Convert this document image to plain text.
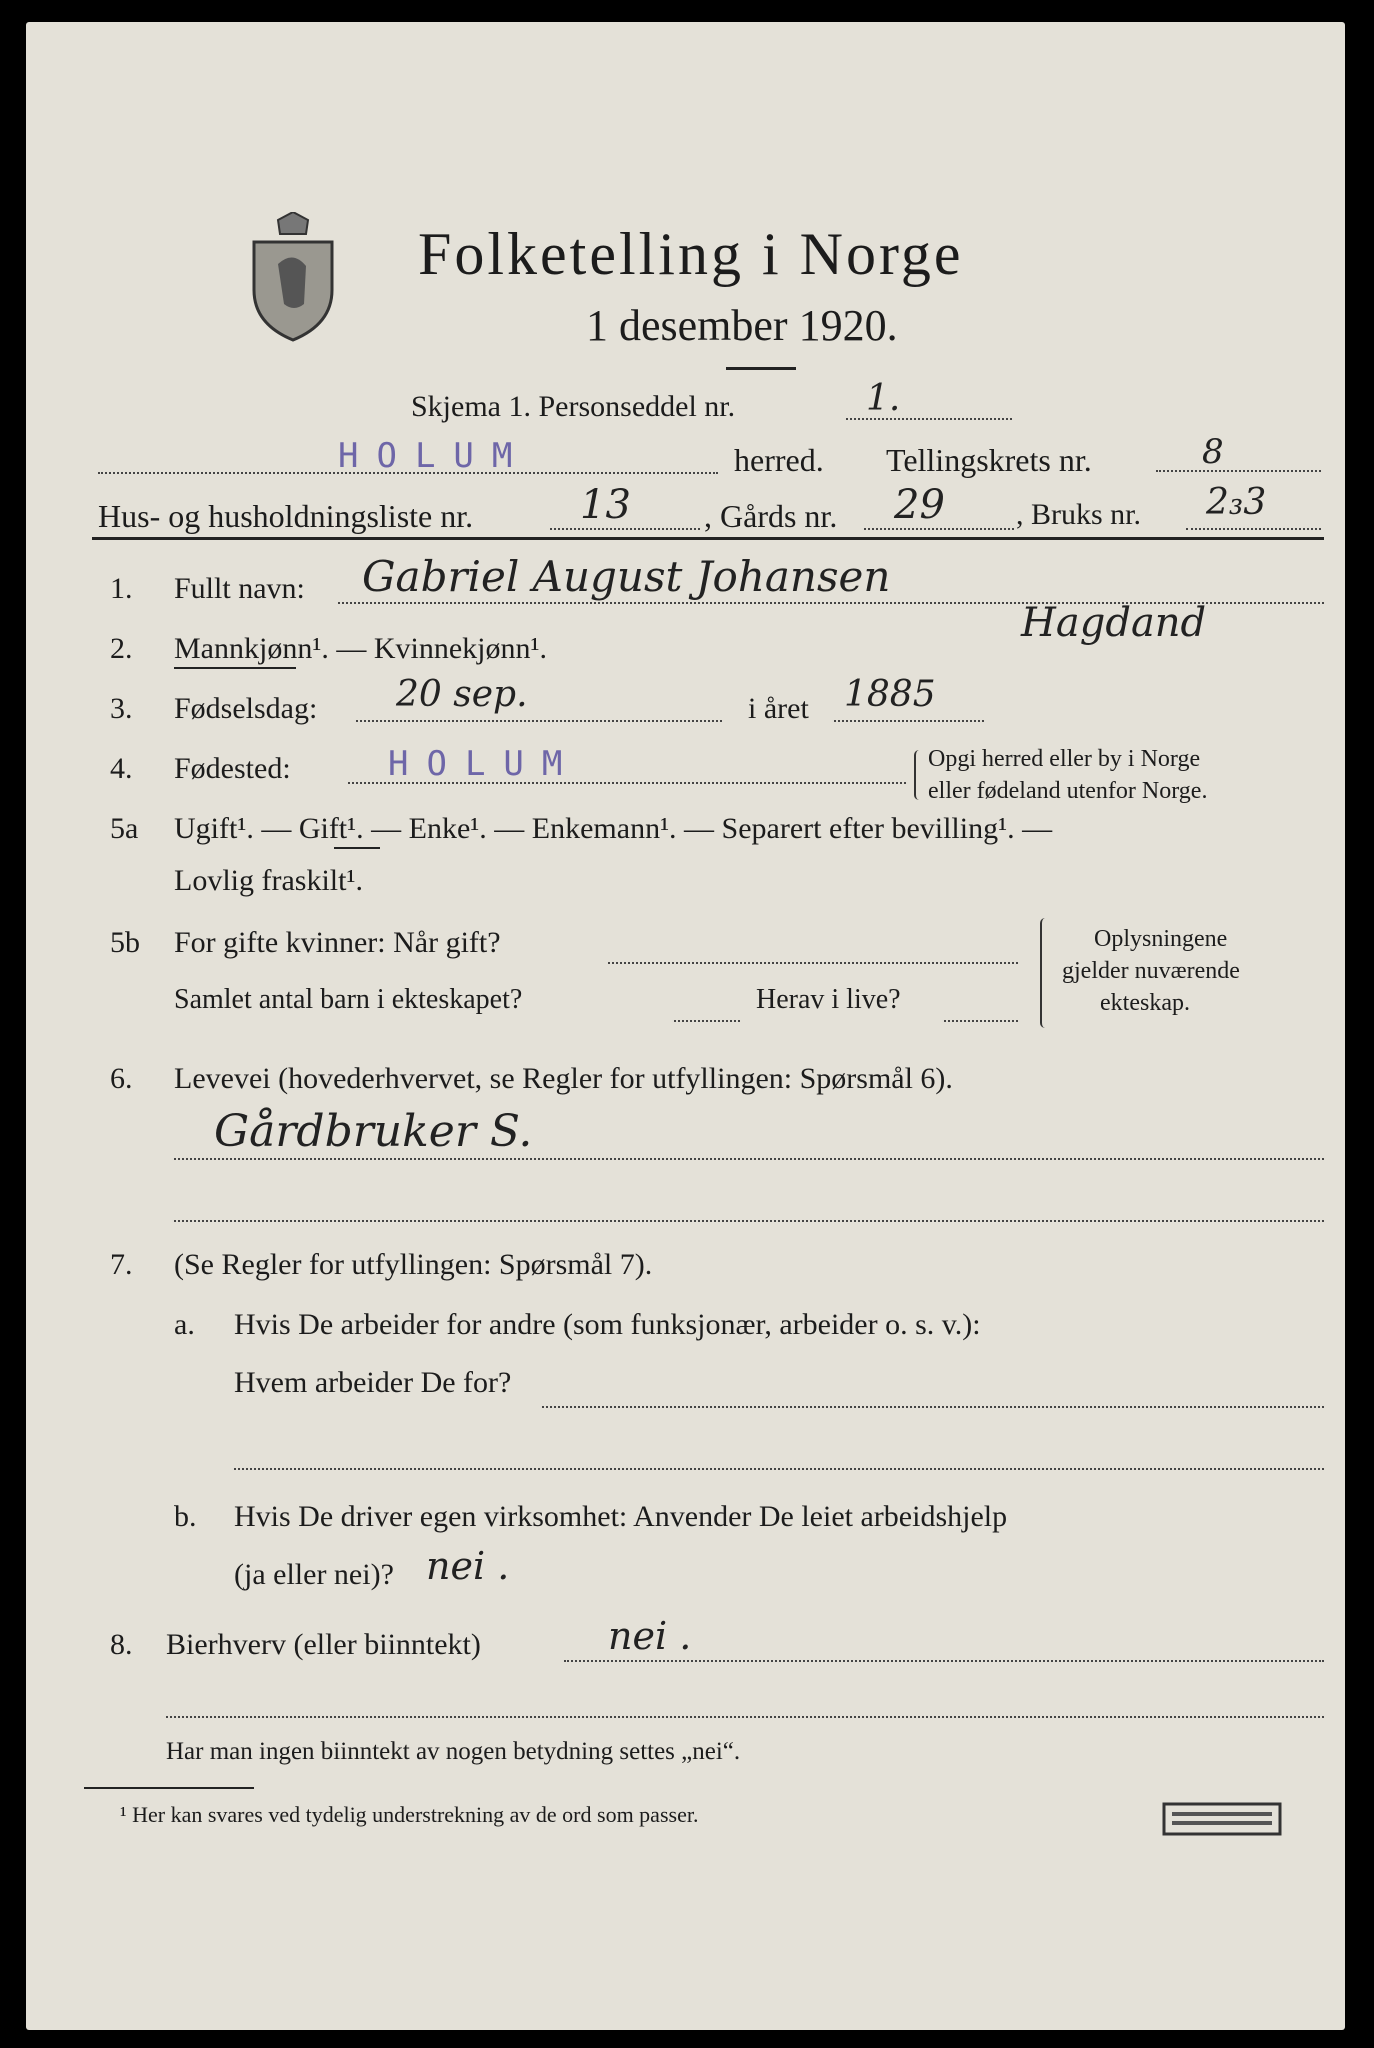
Folketelling i Norge
1 desember 1920.
Skjema 1. Personseddel nr.	1.
HOLUM	herred. Tellingskrets nr.	8
Hus- og husholdningsliste nr.	13	, Gårds nr.	29	, Bruks nr.	2₃3
1. Fullt navn:	Gabriel August Johansen
Hagdand
2. Mannkjønn¹. — Kvinnekjønn¹.
3. Fødselsdag:	20 sep.	i året 1885
4. Fødested:	HOLUM	Opgi herred eller by i Norge
eller fødeland utenfor Norge.
5a Ugift¹. — Gift¹. — Enke¹. — Enkemann¹. — Separert efter bevilling¹. —
Lovlig fraskilt¹.
5b For gifte kvinner: Når gift?
Samlet antal barn i ekteskapet?	Herav i live?
Oplysningene
gjelder nuværende
ekteskap.
6. Levevei (hovederhvervet, se Regler for utfyllingen: Spørsmål 6).
Gårdbruker S.
7. (Se Regler for utfyllingen: Spørsmål 7).
a. Hvis De arbeider for andre (som funksjonær, arbeider o. s. v.):
Hvem arbeider De for?
b. Hvis De driver egen virksomhet: Anvender De leiet arbeidshjelp
(ja eller nei)? nei .
8. Bierhverv (eller biinntekt)	nei .
Har man ingen biinntekt av nogen betydning settes „nei“.
¹ Her kan svares ved tydelig understrekning av de ord som passer.
